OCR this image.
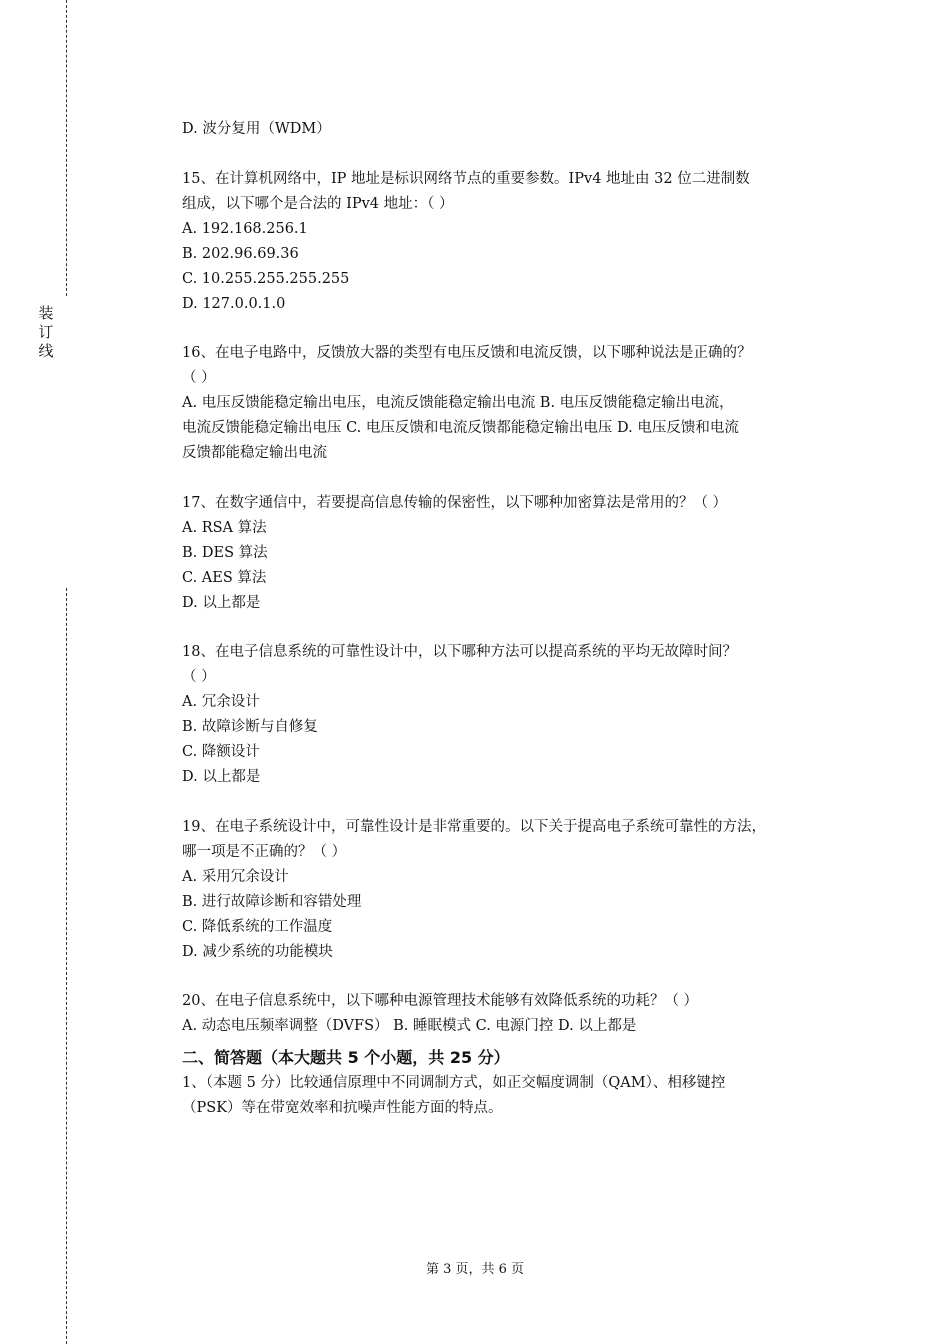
装
订
线
D. 波分复用（WDM）
15、在计算机网络中，IP 地址是标识网络节点的重要参数。IPv4 地址由 32 位二进制数
组成，以下哪个是合法的 IPv4 地址：（ ）
A. 192.168.256.1
B. 202.96.69.36
C. 10.255.255.255.255
D. 127.0.0.1.0
16、在电子电路中，反馈放大器的类型有电压反馈和电流反馈，以下哪种说法是正确的？
（ ）
A. 电压反馈能稳定输出电压，电流反馈能稳定输出电流 B. 电压反馈能稳定输出电流，
电流反馈能稳定输出电压 C. 电压反馈和电流反馈都能稳定输出电压 D. 电压反馈和电流
反馈都能稳定输出电流
17、在数字通信中，若要提高信息传输的保密性，以下哪种加密算法是常用的？（ ）
A. RSA 算法
B. DES 算法
C. AES 算法
D. 以上都是
18、在电子信息系统的可靠性设计中，以下哪种方法可以提高系统的平均无故障时间？
（ ）
A. 冗余设计
B. 故障诊断与自修复
C. 降额设计
D. 以上都是
19、在电子系统设计中，可靠性设计是非常重要的。以下关于提高电子系统可靠性的方法，
哪一项是不正确的？（ ）
A. 采用冗余设计
B. 进行故障诊断和容错处理
C. 降低系统的工作温度
D. 减少系统的功能模块
20、在电子信息系统中，以下哪种电源管理技术能够有效降低系统的功耗？（ ）
A. 动态电压频率调整（DVFS） B. 睡眠模式 C. 电源门控 D. 以上都是
二、简答题（本大题共 5 个小题，共 25 分）
1、（本题 5 分）比较通信原理中不同调制方式，如正交幅度调制（QAM）、相移键控
（PSK）等在带宽效率和抗噪声性能方面的特点。
第 3 页，共 6 页
